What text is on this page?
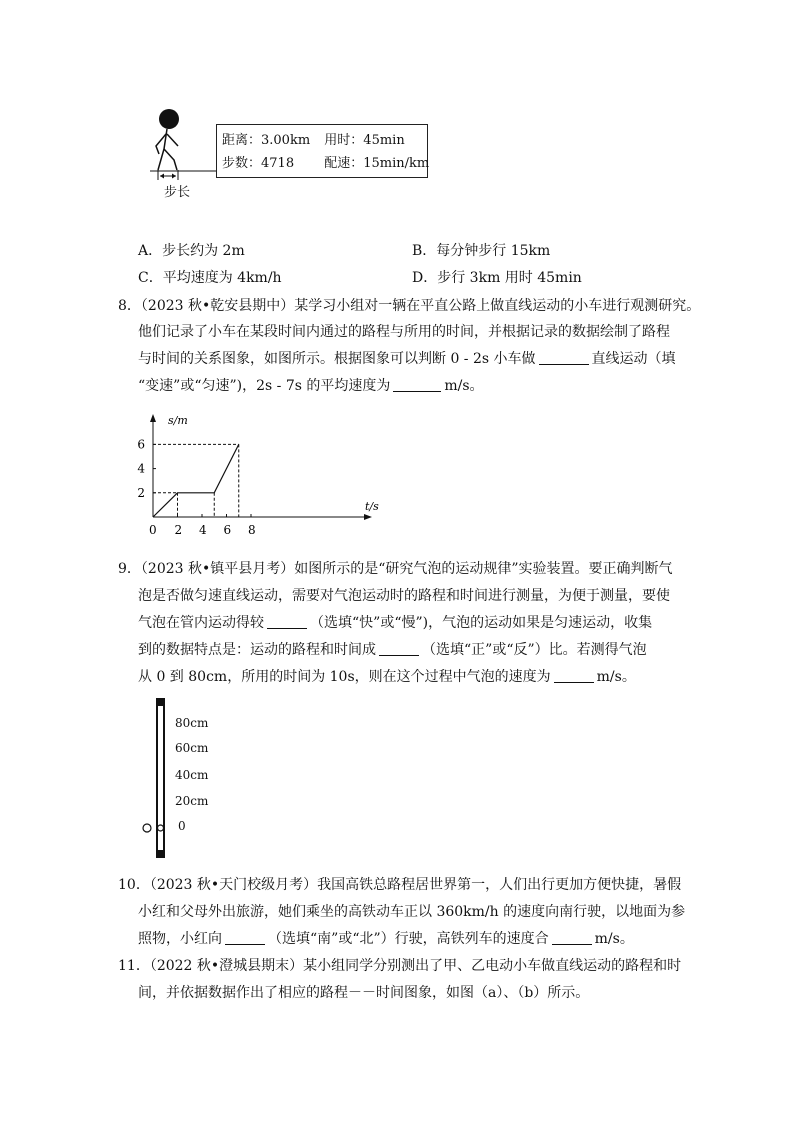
步长
距离：3.00km 用时：45min
步数：4718 配速：15min/km
A．步长约为 2m	B．每分钟步行 15km
C．平均速度为 4km/h	D．步行 3km 用时 45min
8．（2023 秋•乾安县期中）某学习小组对一辆在平直公路上做直线运动的小车进行观测研究。
他们记录了小车在某段时间内通过的路程与所用的时间，并根据记录的数据绘制了路程
与时间的关系图象，如图所示。根据图象可以判断 0 - 2s 小车做	直线运动（填
“变速”或“匀速”)，2s - 7s 的平均速度为	m/s。
s/m
t/s
0 2 4 6 8
2
4
6
9．（2023 秋•镇平县月考）如图所示的是“研究气泡的运动规律”实验装置。要正确判断气
泡是否做匀速直线运动，需要对气泡运动时的路程和时间进行测量，为便于测量，要使
气泡在管内运动得较	（选填“快”或“慢”)，气泡的运动如果是匀速运动，收集
到的数据特点是：运动的路程和时间成	（选填“正”或“反”）比。若测得气泡
从 0 到 80cm，所用的时间为 10s，则在这个过程中气泡的速度为	m/s。
80cm
60cm
40cm
20cm
0
10．（2023 秋•天门校级月考）我国高铁总路程居世界第一，人们出行更加方便快捷，暑假
小红和父母外出旅游，她们乘坐的高铁动车正以 360km/h 的速度向南行驶，以地面为参
照物，小红向	（选填“南”或“北”）行驶，高铁列车的速度合	m/s。
11．（2022 秋•澄城县期末）某小组同学分别测出了甲、乙电动小车做直线运动的路程和时
间，并依据数据作出了相应的路程－－时间图象，如图（a）、（b）所示。
